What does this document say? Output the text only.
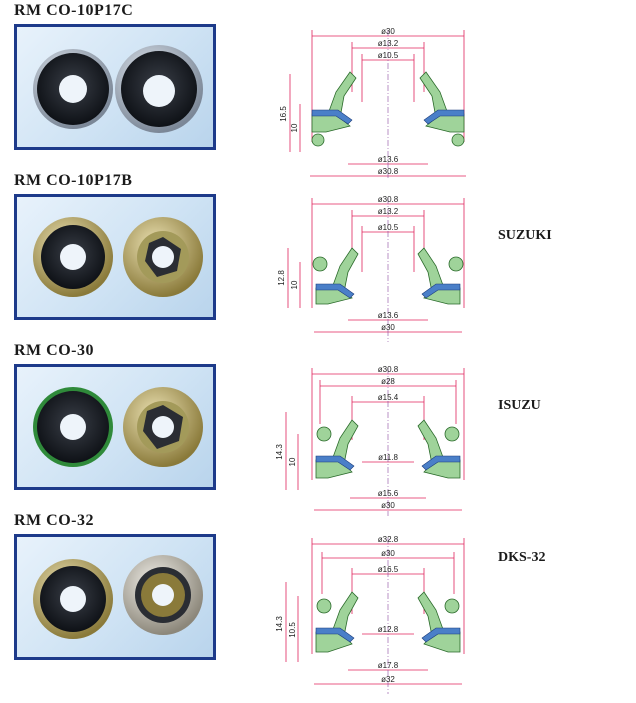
RM CO-10P17C
ø30
ø13.2
ø10.5
ø13.6
ø30.8
16.5
10
RM CO-10P17B
ø30.8
ø13.2
ø10.5
ø13.6
ø30
12.8 10
SUZUKI
RM CO-30
ø30.8
ø28
ø15.4
ø11.8
ø15.6
ø30
14.3
10
ISUZU
RM CO-32
ø32.8
ø30
ø16.5
ø12.8
ø17.8
ø32
14.3 10.5
DKS-32
